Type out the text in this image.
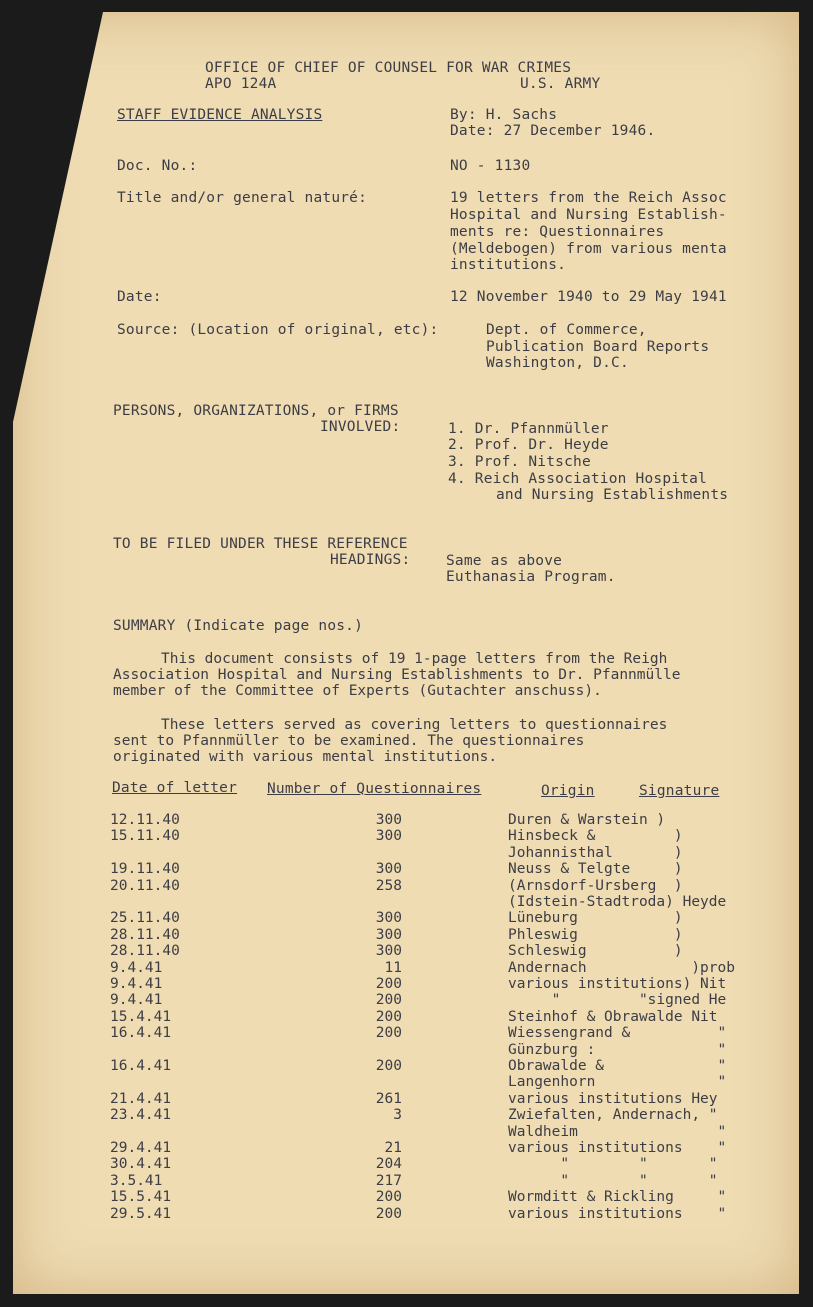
OFFICE OF CHIEF OF COUNSEL FOR WAR CRIMES
APO 124A	U.S. ARMY
STAFF EVIDENCE ANALYSIS	By: H. Sachs
Date: 27 December 1946.
Doc. No.:	NO - 1130
Title and/or general naturé:	19 letters from the Reich Assoc
Hospital and Nursing Establish-
ments re: Questionnaires
(Meldebogen) from various menta
institutions.
Date:	12 November 1940 to 29 May 1941
Source: (Location of original, etc):	Dept. of Commerce,
Publication Board Reports
Washington, D.C.
PERSONS, ORGANIZATIONS, or FIRMS
INVOLVED:	1. Dr. Pfannmüller
2. Prof. Dr. Heyde
3. Prof. Nitsche
4. Reich Association Hospital
and Nursing Establishments
TO BE FILED UNDER THESE REFERENCE
HEADINGS: Same as above
Euthanasia Program.
SUMMARY (Indicate page nos.)
This document consists of 19 1-page letters from the Reigh
Association Hospital and Nursing Establishments to Dr. Pfannmülle
member of the Committee of Experts (Gutachter anschuss).
These letters served as covering letters to questionnaires
sent to Pfannmüller to be examined. The questionnaires
originated with various mental institutions.
Date of letter Number of Questionnaires	Origin	Signature
12.11.40	300	Duren & Warstein )
15.11.40	300	Hinsbeck &         )
Johannisthal       )
19.11.40	300	Neuss & Telgte     )
20.11.40	258	(Arnsdorf-Ursberg  )
(Idstein-Stadtroda) Heyde
25.11.40	300	Lüneburg           )
28.11.40	300	Phleswig           )
28.11.40	300	Schleswig          )
9.4.41	11	Andernach            )prob
9.4.41	200	various institutions) Nit
9.4.41	200	"         "signed He
15.4.41	200	Steinhof & Obrawalde Nit
16.4.41	200	Wiessengrand &          "
Günzburg :              "
16.4.41	200	Obrawalde &             "
Langenhorn              "
21.4.41	261	various institutions Hey
23.4.41	3	Zwiefalten, Andernach, "
Waldheim                "
29.4.41	21	various institutions    "
30.4.41	204	"        "       "
3.5.41	217	"        "       "
15.5.41	200	Wormditt & Rickling     "
29.5.41	200	various institutions    "
